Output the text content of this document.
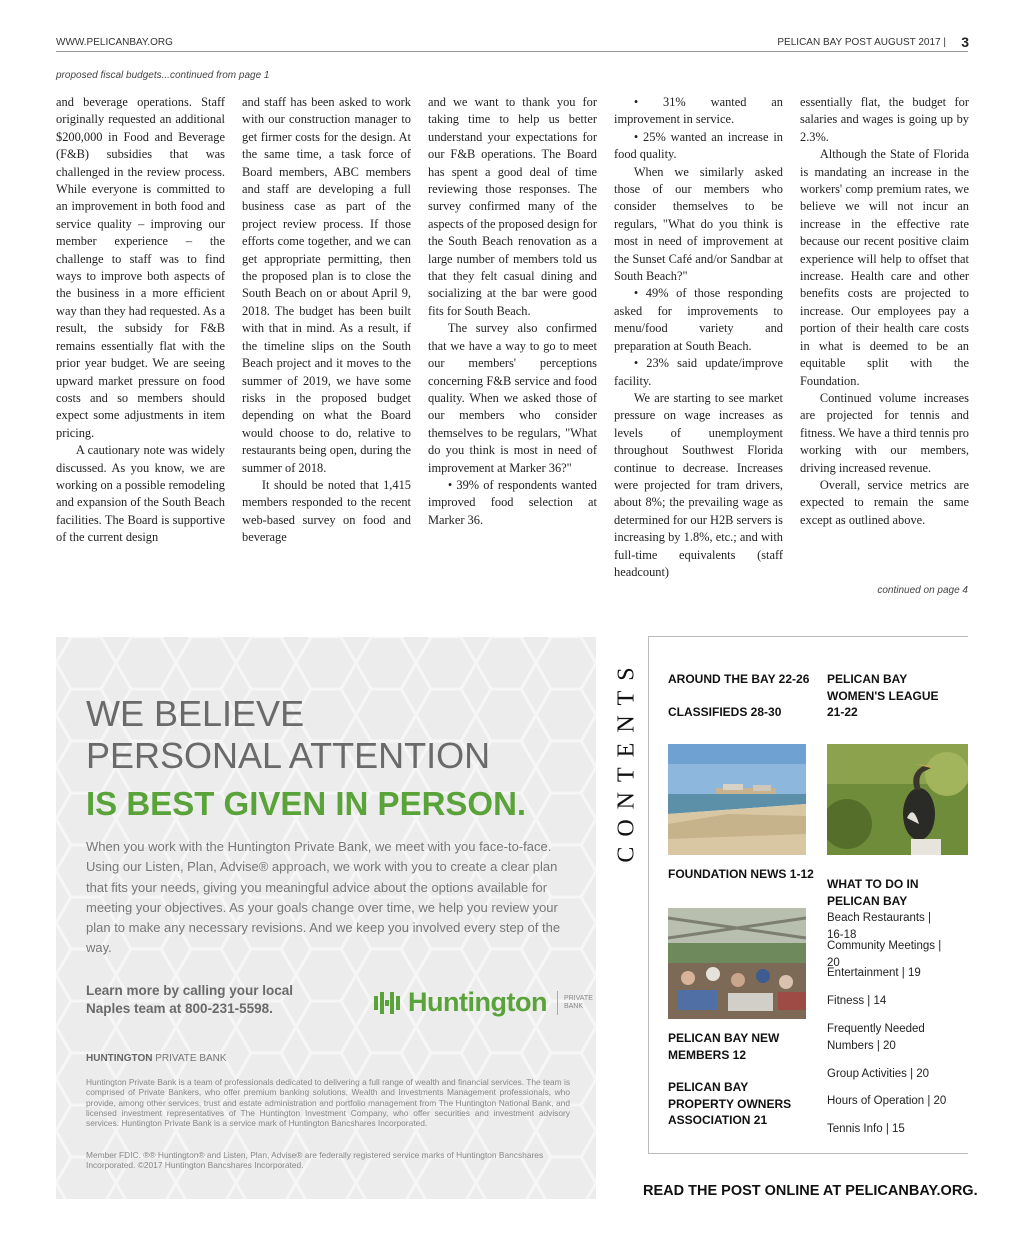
WWW.PELICANBAY.ORG	PELICAN BAY POST AUGUST 2017 | 3
proposed fiscal budgets...continued from page 1

and beverage operations. Staff originally requested an additional $200,000 in Food and Beverage (F&B) subsidies that was challenged in the review process. While everyone is committed to an improvement in both food and service quality – improving our member experience – the challenge to staff was to find ways to improve both aspects of the business in a more efficient way than they had requested. As a result, the subsidy for F&B remains essentially flat with the prior year budget. We are seeing upward market pressure on food costs and so members should expect some adjustments in item pricing.

A cautionary note was widely discussed. As you know, we are working on a possible remodeling and expansion of the South Beach facilities. The Board is supportive of the current design

and staff has been asked to work with our construction manager to get firmer costs for the design. At the same time, a task force of Board members, ABC members and staff are developing a full business case as part of the project review process. If those efforts come together, and we can get appropriate permitting, then the proposed plan is to close the South Beach on or about April 9, 2018. The budget has been built with that in mind. As a result, if the timeline slips on the South Beach project and it moves to the summer of 2019, we have some risks in the proposed budget depending on what the Board would choose to do, relative to restaurants being open, during the summer of 2018.

It should be noted that 1,415 members responded to the recent web-based survey on food and beverage

and we want to thank you for taking time to help us better understand your expectations for our F&B operations. The Board has spent a good deal of time reviewing those responses. The survey confirmed many of the aspects of the proposed design for the South Beach renovation as a large number of members told us that they felt casual dining and socializing at the bar were good fits for South Beach.

The survey also confirmed that we have a way to go to meet our members' perceptions concerning F&B service and food quality. When we asked those of our members who consider themselves to be regulars, "What do you think is most in need of improvement at Marker 36?"

• 39% of respondents wanted improved food selection at Marker 36.

• 31% wanted an improvement in service.

• 25% wanted an increase in food quality.

When we similarly asked those of our members who consider themselves to be regulars, "What do you think is most in need of improvement at the Sunset Café and/or Sandbar at South Beach?"

• 49% of those responding asked for improvements to menu/food variety and preparation at South Beach.

• 23% said update/improve facility.

We are starting to see market pressure on wage increases as levels of unemployment throughout Southwest Florida continue to decrease. Increases were projected for tram drivers, about 8%; the prevailing wage as determined for our H2B servers is increasing by 1.8%, etc.; and with full-time equivalents (staff headcount)

essentially flat, the budget for salaries and wages is going up by 2.3%.

Although the State of Florida is mandating an increase in the workers' comp premium rates, we believe we will not incur an increase in the effective rate because our recent positive claim experience will help to offset that increase. Health care and other benefits costs are projected to increase. Our employees pay a portion of their health care costs in what is deemed to be an equitable split with the Foundation.

Continued volume increases are projected for tennis and fitness. We have a third tennis pro working with our members, driving increased revenue.

Overall, service metrics are expected to remain the same except as outlined above.

continued on page 4
WE BELIEVE
PERSONAL ATTENTION
IS BEST GIVEN IN PERSON.
When you work with the Huntington Private Bank, we meet with you face-to-face. Using our Listen, Plan, Advise® approach, we work with you to create a clear plan that fits your needs, giving you meaningful advice about the options available for meeting your objectives. As your goals change over time, we help you review your plan to make any necessary revisions. And we keep you involved every step of the way.
Learn more by calling your local Naples team at 800-231-5598.	Huntington PRIVATE BANK
HUNTINGTON PRIVATE BANK
Huntington Private Bank is a team of professionals dedicated to delivering a full range of wealth and financial services. The team is comprised of Private Bankers, who offer premium banking solutions, Wealth and Investments Management professionals, who provide, among other services, trust and estate administration and portfolio management from The Huntington National Bank, and licensed investment representatives of The Huntington Investment Company, who offer securities and investment advisory services. Huntington Private Bank is a service mark of Huntington Bancshares Incorporated.
Member FDIC. ®® Huntington® and Listen, Plan, Advise® are federally registered service marks of Huntington Bancshares Incorporated. ©2017 Huntington Bancshares Incorporated.
CONTENTS AROUND THE BAY 22-26
CLASSIFIEDS 28-30
PELICAN BAY WOMEN'S LEAGUE 21-22
FOUNDATION NEWS 1-12
WHAT TO DO IN PELICAN BAY
PELICAN BAY NEW MEMBERS 12
PELICAN BAY PROPERTY OWNERS ASSOCIATION 21
Beach Restaurants | 16-18
Community Meetings | 20
Entertainment | 19
Fitness | 14
Frequently Needed Numbers | 20
Group Activities | 20
Hours of Operation | 20
Tennis Info | 15
READ THE POST ONLINE AT PELICANBAY.ORG.
